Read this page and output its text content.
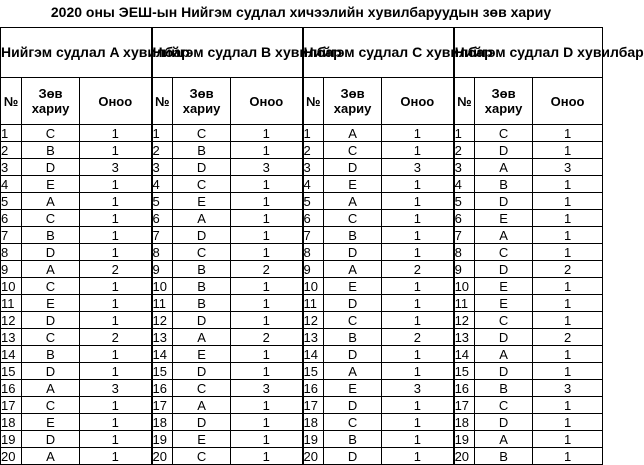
2020 оны ЭЕШ-ын Нийгэм судлал хичээлийн хувилбаруудын зөв хариу
Нийгэм судлал A хувилбар			Нийгэм судлал B хувилбар			Нийгэм судлал C хувилбар			Нийгэм судлал D хувилбар		
№	Зөв хариу	Оноо	№	Зөв хариу	Оноо	№	Зөв хариу	Оноо	№	Зөв хариу	Оноо
1	C	1	1	C	1	1	A	1	1	C	1
2	B	1	2	B	1	2	C	1	2	D	1
3	D	3	3	D	3	3	D	3	3	A	3
4	E	1	4	C	1	4	E	1	4	B	1
5	A	1	5	E	1	5	A	1	5	D	1
6	C	1	6	A	1	6	C	1	6	E	1
7	B	1	7	D	1	7	B	1	7	A	1
8	D	1	8	C	1	8	D	1	8	C	1
9	A	2	9	B	2	9	A	2	9	D	2
10	C	1	10	B	1	10	E	1	10	E	1
11	E	1	11	B	1	11	D	1	11	E	1
12	D	1	12	D	1	12	C	1	12	C	1
13	C	2	13	A	2	13	B	2	13	D	2
14	B	1	14	E	1	14	D	1	14	A	1
15	D	1	15	D	1	15	A	1	15	D	1
16	A	3	16	C	3	16	E	3	16	B	3
17	C	1	17	A	1	17	D	1	17	C	1
18	E	1	18	D	1	18	C	1	18	D	1
19	D	1	19	E	1	19	B	1	19	A	1
20	A	1	20	C	1	20	D	1	20	B	1
